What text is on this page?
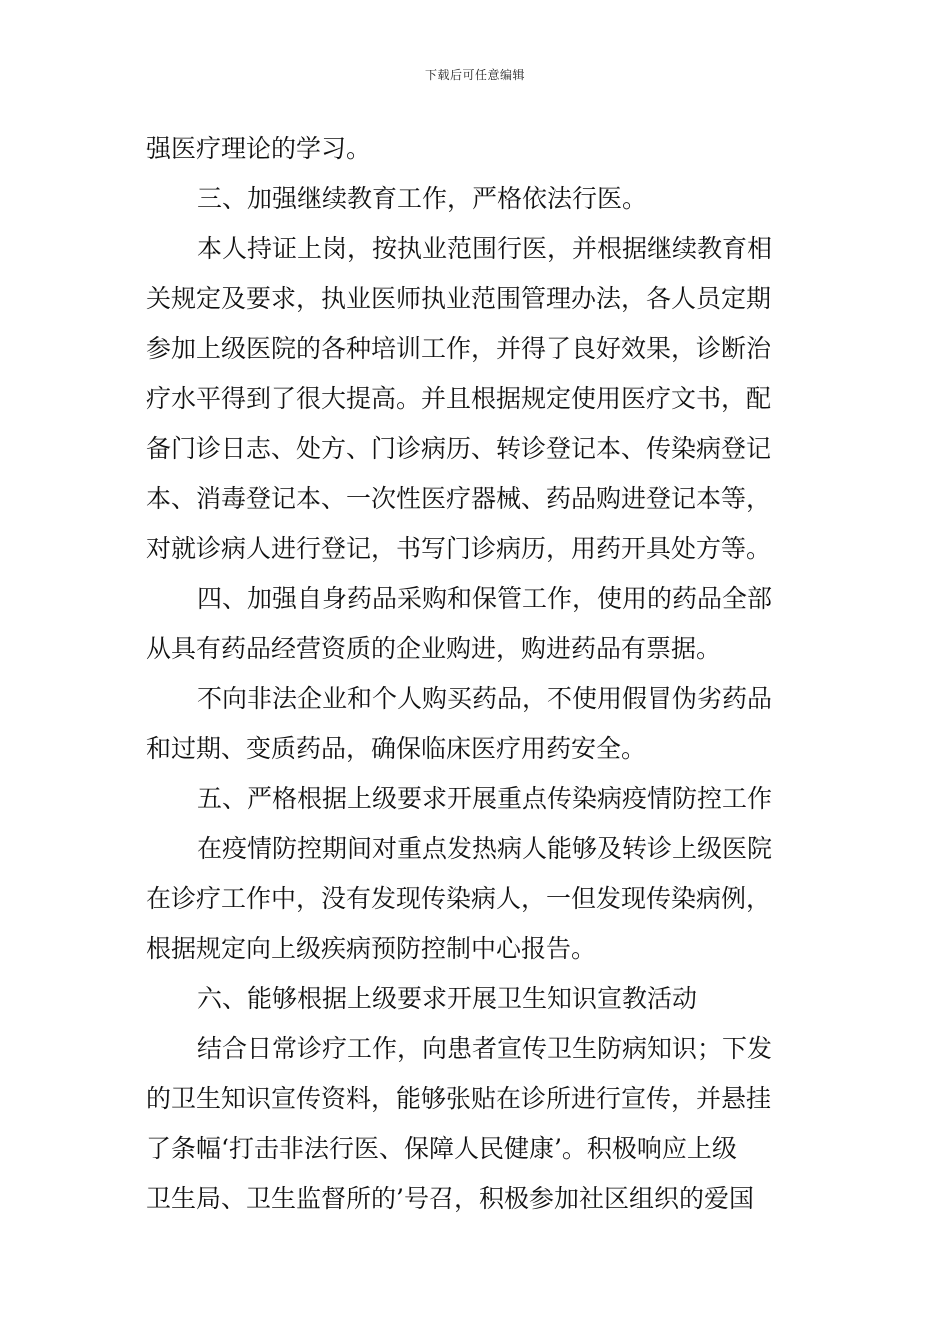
下载后可任意编辑
强医疗理论的学习。
三、加强继续教育工作，严格依法行医。
本人持证上岗，按执业范围行医，并根据继续教育相
关规定及要求，执业医师执业范围管理办法，各人员定期
参加上级医院的各种培训工作，并得了良好效果，诊断治
疗水平得到了很大提高。并且根据规定使用医疗文书，配
备门诊日志、处方、门诊病历、转诊登记本、传染病登记
本、消毒登记本、一次性医疗器械、药品购进登记本等，
对就诊病人进行登记，书写门诊病历，用药开具处方等。
四、加强自身药品采购和保管工作，使用的药品全部
从具有药品经营资质的企业购进，购进药品有票据。
不向非法企业和个人购买药品，不使用假冒伪劣药品
和过期、变质药品，确保临床医疗用药安全。
五、严格根据上级要求开展重点传染病疫情防控工作
在疫情防控期间对重点发热病人能够及转诊上级医院
在诊疗工作中，没有发现传染病人，一但发现传染病例，
根据规定向上级疾病预防控制中心报告。
六、能够根据上级要求开展卫生知识宣教活动
结合日常诊疗工作，向患者宣传卫生防病知识；下发
的卫生知识宣传资料，能够张贴在诊所进行宣传，并悬挂
了条幅‘打击非法行医、保障人民健康’。积极响应上级
卫生局、卫生监督所的’号召，积极参加社区组织的爱国
